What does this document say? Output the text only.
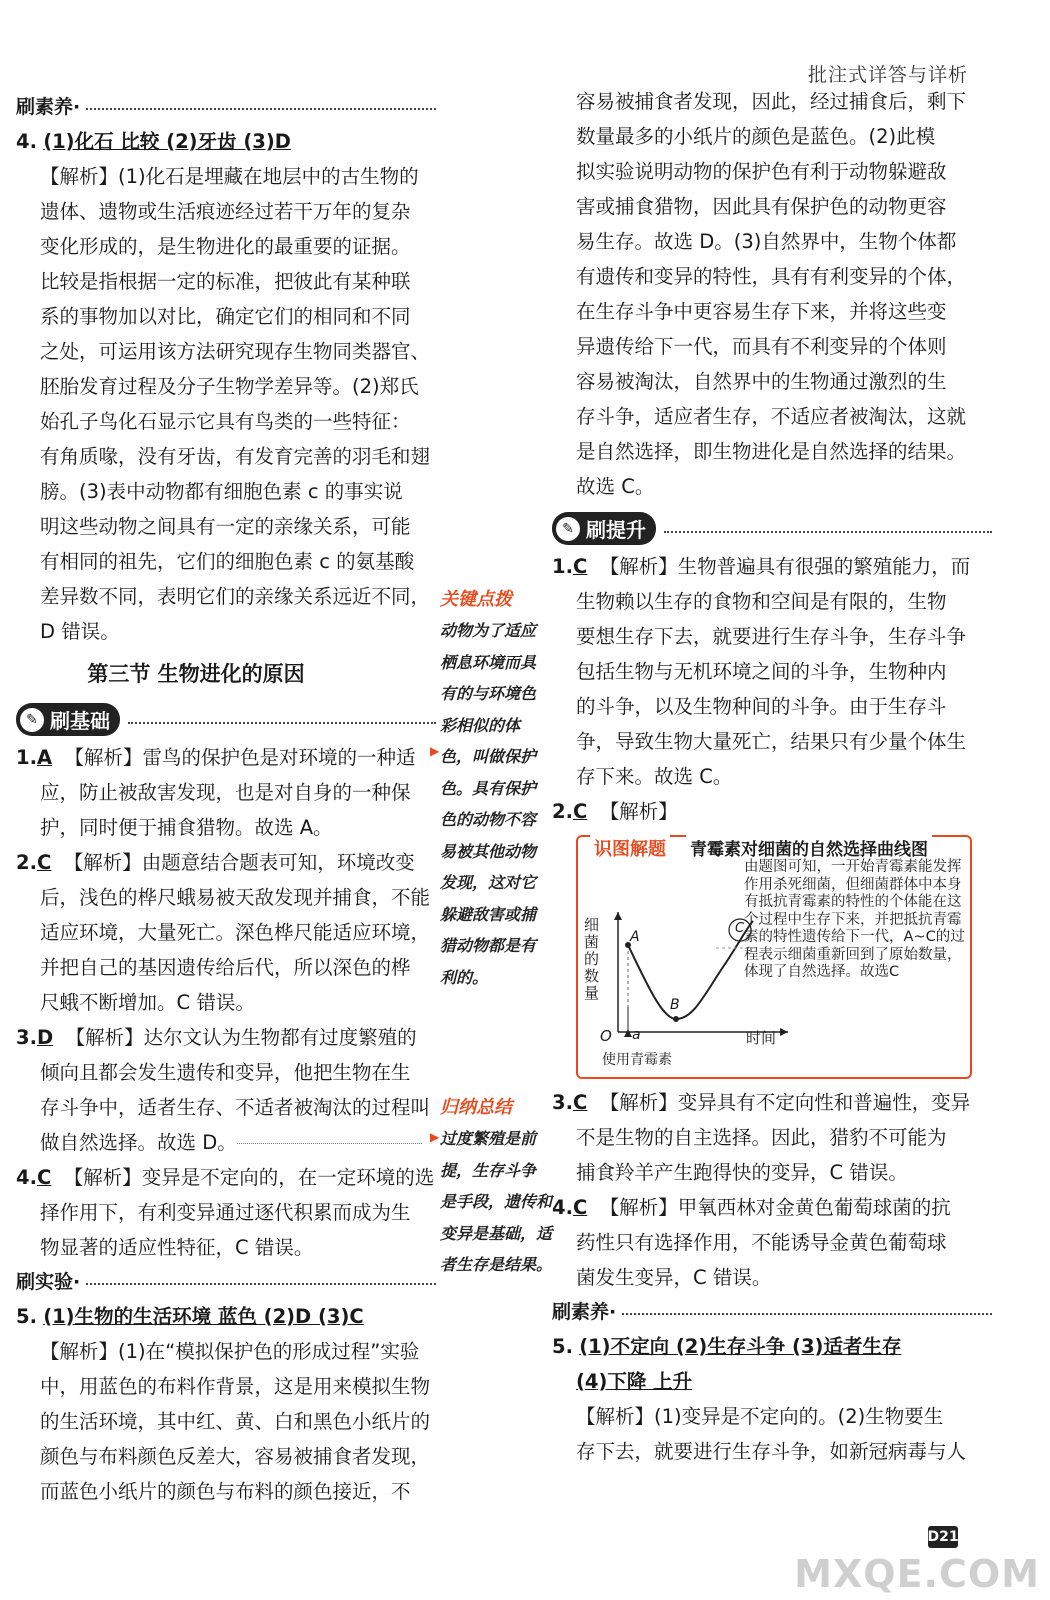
批注式详答与详析
刷素养·

4. (1)化石 比较 (2)牙齿 (3)D

【解析】(1)化石是埋藏在地层中的古生物的

遗体、遗物或生活痕迹经过若干万年的复杂

变化形成的，是生物进化的最重要的证据。

比较是指根据一定的标准，把彼此有某种联

系的事物加以对比，确定它们的相同和不同

之处，可运用该方法研究现存生物同类器官、

胚胎发育过程及分子生物学差异等。(2)郑氏

始孔子鸟化石显示它具有鸟类的一些特征：

有角质喙，没有牙齿，有发育完善的羽毛和翅

膀。(3)表中动物都有细胞色素 c 的事实说

明这些动物之间具有一定的亲缘关系，可能

有相同的祖先，它们的细胞色素 c 的氨基酸

差异数不同，表明它们的亲缘关系远近不同，

D 错误。

第三节 生物进化的原因
✎ 刷基础

1.A 【解析】雷鸟的保护色是对环境的一种适

应，防止被敌害发现，也是对自身的一种保

护，同时便于捕食猎物。故选 A。

2.C 【解析】由题意结合题表可知，环境改变

后，浅色的桦尺蛾易被天敌发现并捕食，不能

适应环境，大量死亡。深色桦尺能适应环境，

并把自己的基因遗传给后代，所以深色的桦

尺蛾不断增加。C 错误。

3.D 【解析】达尔文认为生物都有过度繁殖的

倾向且都会发生遗传和变异，他把生物在生

存斗争中，适者生存、不适者被淘汰的过程叫

做自然选择。故选 D。

4.C 【解析】变异是不定向的，在一定环境的选

择作用下，有利变异通过逐代积累而成为生

物显著的适应性特征，C 错误。

刷实验·

5. (1)生物的生活环境 蓝色 (2)D (3)C

【解析】(1)在“模拟保护色的形成过程”实验

中，用蓝色的布料作背景，这是用来模拟生物

的生活环境，其中红、黄、白和黑色小纸片的

颜色与布料颜色反差大，容易被捕食者发现，

而蓝色小纸片的颜色与布料的颜色接近，不

关键点拨
动物为了适应
栖息环境而具
有的与环境色
彩相似的体
色，叫做保护
色。具有保护
色的动物不容
易被其他动物
发现，这对它
躲避敌害或捕
猎动物都是有
利的。
归纳总结
过度繁殖是前
提，生存斗争
是手段，遗传和
变异是基础，适
者生存是结果。
▶
▶

容易被捕食者发现，因此，经过捕食后，剩下

数量最多的小纸片的颜色是蓝色。(2)此模

拟实验说明动物的保护色有利于动物躲避敌

害或捕食猎物，因此具有保护色的动物更容

易生存。故选 D。(3)自然界中，生物个体都

有遗传和变异的特性，具有有利变异的个体，

在生存斗争中更容易生存下来，并将这些变

异遗传给下一代，而具有不利变异的个体则

容易被淘汰，自然界中的生物通过激烈的生

存斗争，适应者生存，不适应者被淘汰，这就

是自然选择，即生物进化是自然选择的结果。

故选 C。

✎ 刷提升

1.C 【解析】生物普遍具有很强的繁殖能力，而

生物赖以生存的食物和空间是有限的，生物

要想生存下去，就要进行生存斗争，生存斗争

包括生物与无机环境之间的斗争，生物种内

的斗争，以及生物种间的斗争。由于生存斗

争，导致生物大量死亡，结果只有少量个体生

存下来。故选 C。

2.C 【解析】

识图解题 青霉素对细菌的自然选择曲线图
由题图可知，一开始青霉素能发挥作用杀死细菌，但细菌群体中本身有抵抗青霉素的特性的个体能在这个过程中生存下来，并把抵抗青霉素的特性遗传给下一代，A~C的过程表示细菌重新回到了原始数量，体现了自然选择。故选C
细
菌
的
数
量
时间
O a
A
B
C
使用青霉素

3.C 【解析】变异具有不定向性和普遍性，变异

不是生物的自主选择。因此，猎豹不可能为

捕食羚羊产生跑得快的变异，C 错误。

4.C 【解析】甲氧西林对金黄色葡萄球菌的抗

药性只有选择作用，不能诱导金黄色葡萄球

菌发生变异，C 错误。

刷素养·

5. (1)不定向 (2)生存斗争 (3)适者生存

(4)下降 上升

【解析】(1)变异是不定向的。(2)生物要生

存下去，就要进行生存斗争，如新冠病毒与人

D21
MXQE.COM
